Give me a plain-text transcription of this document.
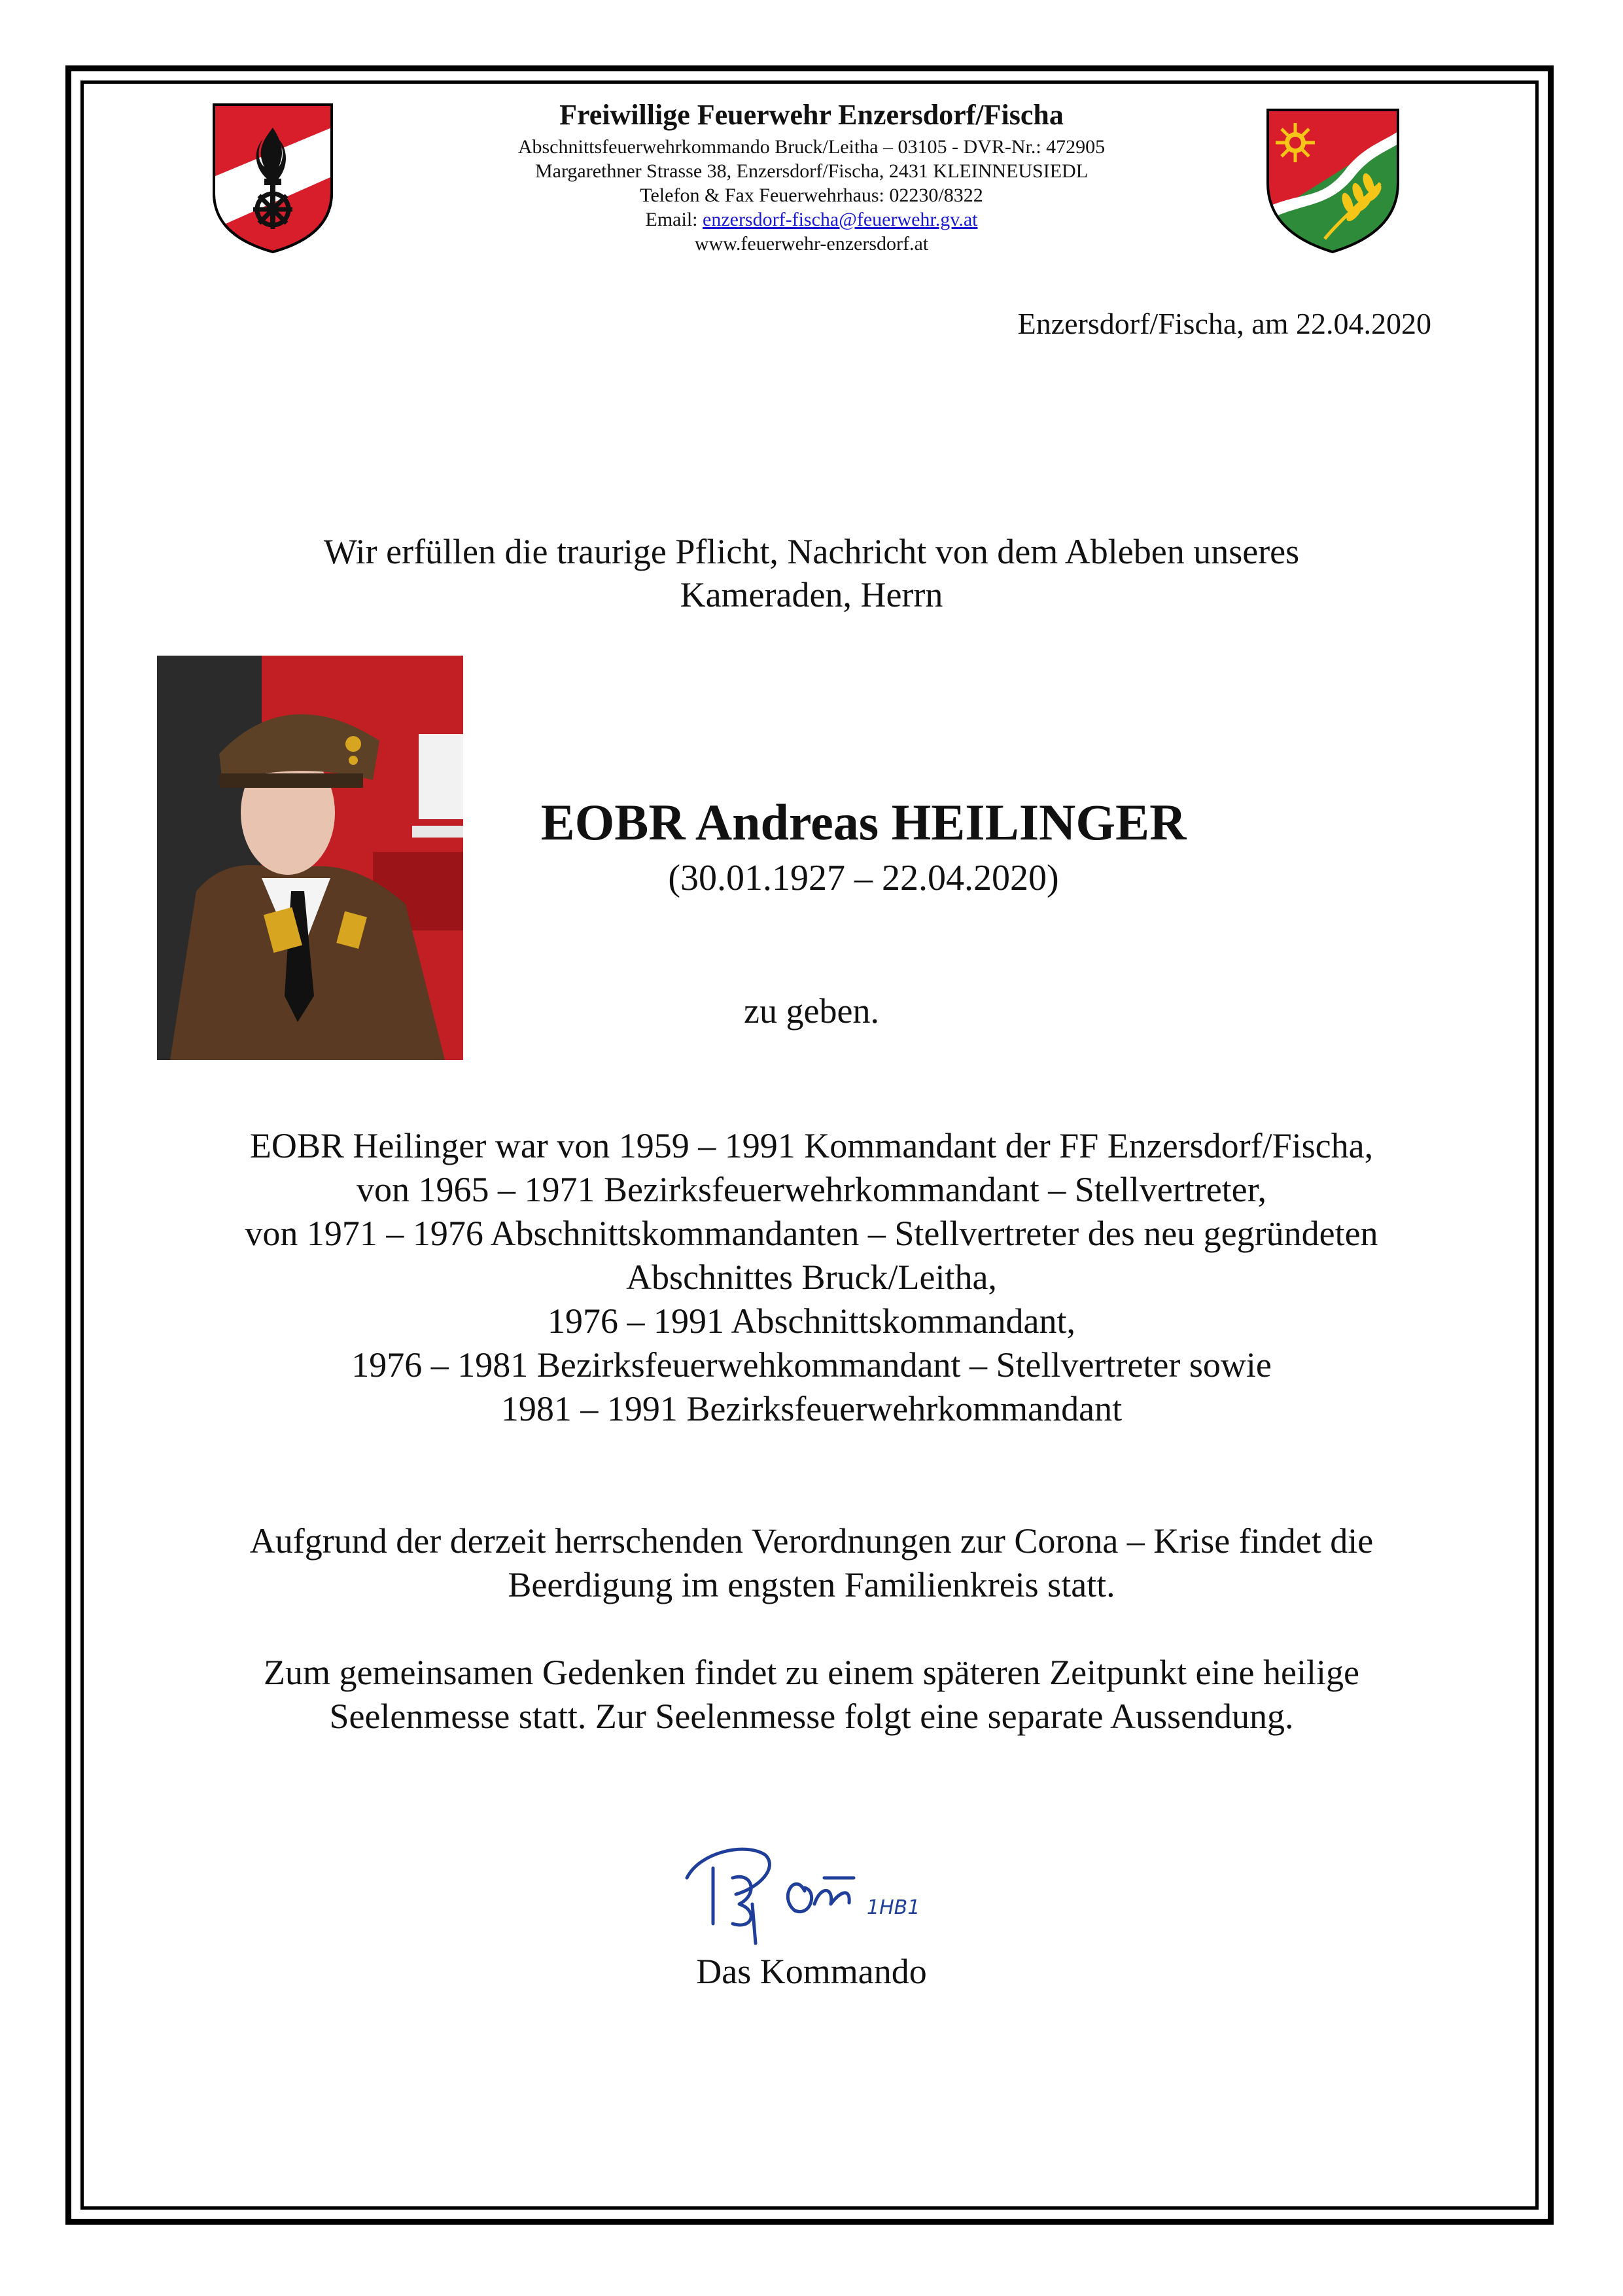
Freiwillige Feuerwehr Enzersdorf/Fischa
Abschnittsfeuerwehrkommando Bruck/Leitha – 03105 - DVR-Nr.: 472905
Margarethner Strasse 38, Enzersdorf/Fischa, 2431 KLEINNEUSIEDL
Telefon & Fax Feuerwehrhaus: 02230/8322
Email: enzersdorf-fischa@feuerwehr.gv.at
www.feuerwehr-enzersdorf.at
Enzersdorf/Fischa, am 22.04.2020
Wir erfüllen die traurige Pflicht, Nachricht von dem Ableben unseres
Kameraden, Herrn
EOBR Andreas HEILINGER
(30.01.1927 – 22.04.2020)
zu geben.
EOBR Heilinger war von 1959 – 1991 Kommandant der FF Enzersdorf/Fischa,
von 1965 – 1971 Bezirksfeuerwehrkommandant – Stellvertreter,
von 1971 – 1976 Abschnittskommandanten – Stellvertreter des neu gegründeten
Abschnittes Bruck/Leitha,
1976 – 1991 Abschnittskommandant,
1976 – 1981 Bezirksfeuerwehkommandant – Stellvertreter sowie
1981 – 1991 Bezirksfeuerwehrkommandant
Aufgrund der derzeit herrschenden Verordnungen zur Corona – Krise findet die
Beerdigung im engsten Familienkreis statt.
Zum gemeinsamen Gedenken findet zu einem späteren Zeitpunkt eine heilige
Seelenmesse statt. Zur Seelenmesse folgt eine separate Aussendung.
1HB1
Das Kommando
